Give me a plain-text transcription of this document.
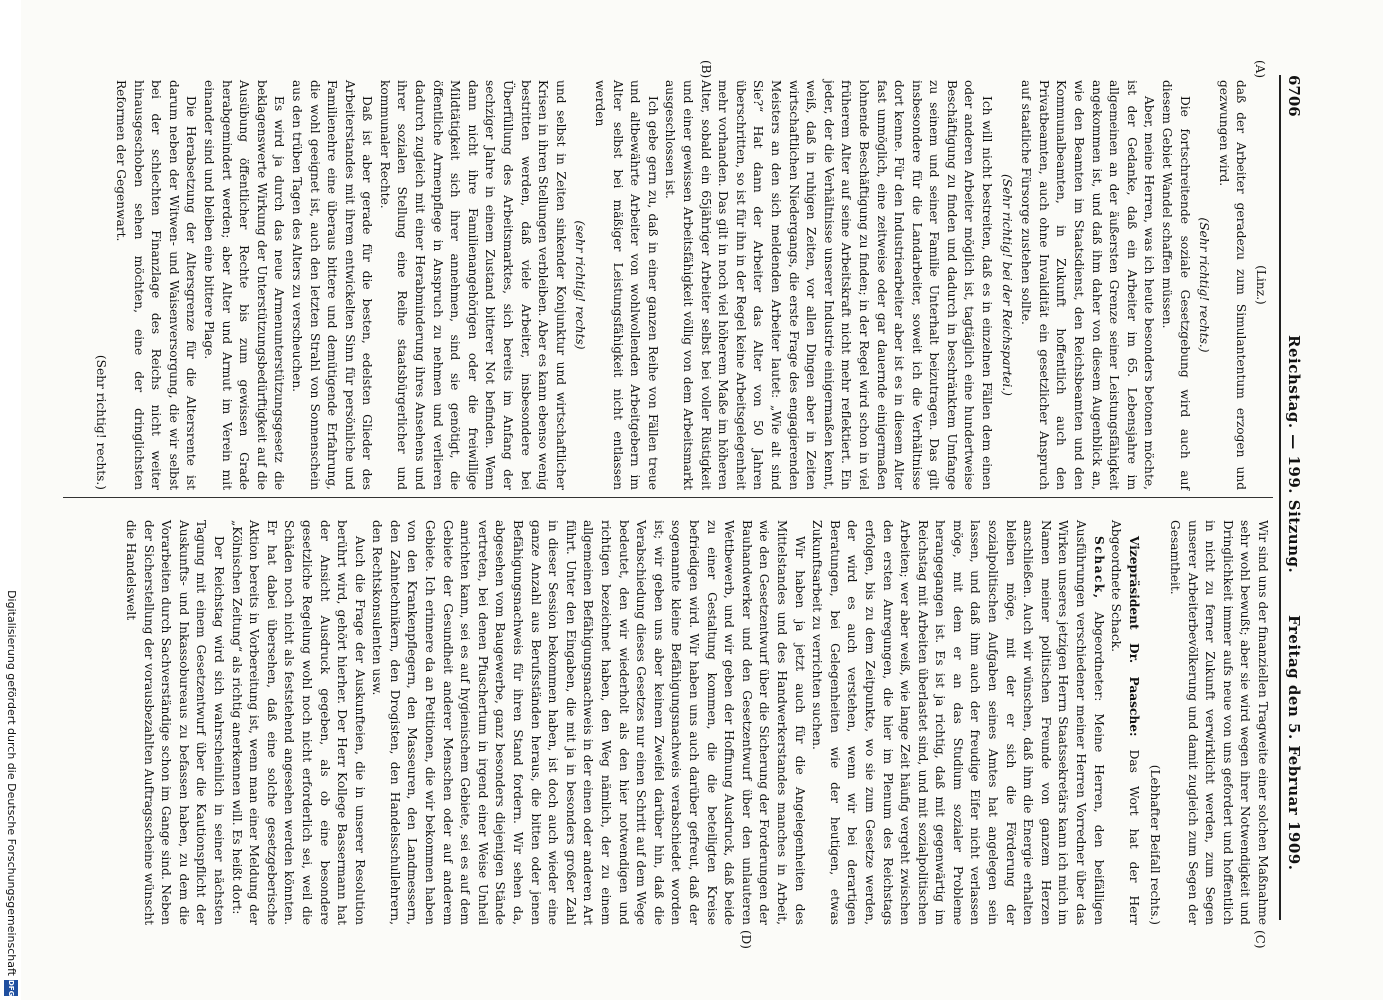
6706
Reichstag. — 199. Sitzung.
Freitag den 5. Februar 1909.
(A)
(B)
(C)
(D)

(Linz.)

daß der Arbeiter geradezu zum Simulantentum erzogen und gezwungen wird.

(Sehr richtig! rechts.)

Die fortschreitende soziale Gesetzgebung wird auch auf diesem Gebiet Wandel schaffen müssen.

Aber, meine Herren, was ich heute besonders betonen möchte, ist der Gedanke, daß ein Arbeiter im 65. Lebensjahre im allgemeinen an der äußersten Grenze seiner Leistungsfähigkeit angekommen ist, und daß ihm daher von diesem Augenblick an, wie den Beamten im Staatsdienst, den Reichsbeamten und den Kommunalbeamten, in Zukunft hoffentlich auch den Privatbeamten, auch ohne Invalidität ein gesetzlicher Anspruch auf staatliche Fürsorge zustehen sollte.

(Sehr richtig! bei der Reichspartei.)

Ich will nicht bestreiten, daß es in einzelnen Fällen dem einen oder anderen Arbeiter möglich ist, tagtäglich eine hundertweise Beschäftigung zu finden und dadurch in beschränktem Umfange zu seinem und seiner Familie Unterhalt beizutragen. Das gilt insbesondere für die Landarbeiter, soweit ich die Verhältnisse dort kenne. Für den Industriearbeiter aber ist es in diesem Alter fast unmöglich, eine zeitweise oder gar dauernde einigermaßen lohnende Beschäftigung zu finden; in der Regel wird schon in viel früherem Alter auf seine Arbeitskraft nicht mehr reflektiert. Ein jeder, der die Verhältnisse unserer Industrie einigermaßen kennt, weiß, daß in ruhigen Zeiten, vor allen Dingen aber in Zeiten wirtschaftlichen Niedergangs, die erste Frage des engagierenden Meisters an den sich meldenden Arbeiter lautet: „Wie alt sind Sie?“ Hat dann der Arbeiter das Alter von 50 Jahren überschritten, so ist für ihn in der Regel keine Arbeitsgelegenheit mehr vorhanden. Das gilt in noch viel höherem Maße im höheren Alter, sobald ein 65jähriger Arbeiter selbst bei voller Rüstigkeit und einer gewissen Arbeitsfähigkeit völlig von dem Arbeitsmarkt ausgeschlossen ist.

Ich gebe gern zu, daß in einer ganzen Reihe von Fällen treue und altbewährte Arbeiter von wohlwollenden Arbeitgebern im Alter selbst bei mäßiger Leistungsfähigkeit nicht entlassen werden

(sehr richtig! rechts)

und selbst in Zeiten sinkender Konjunktur und wirtschaftlicher Krisen in ihren Stellungen verbleiben. Aber es kann ebenso wenig bestritten werden, daß viele Arbeiter, insbesondere bei Überfüllung des Arbeitsmarktes, sich bereits im Anfang der sechziger Jahre in einem Zustand bitterer Not befinden. Wenn dann nicht ihre Familienangehörigen oder die freiwillige Mildtätigkeit sich ihrer annehmen, sind sie genötigt, die öffentliche Armenpflege in Anspruch zu nehmen und verlieren dadurch zugleich mit einer Herabminderung ihres Ansehens und ihrer sozialen Stellung eine Reihe staatsbürgerlicher und kommunaler Rechte.

Daß ist aber gerade für die besten, edelsten Glieder des Arbeiterstandes mit ihrem entwickelten Sinn für persönliche und Familienehre eine überaus bittere und demütigende Erfahrung, die wohl geeignet ist, auch den letzten Strahl von Sonnenschein aus den trüben Tagen des Alters zu verscheuchen.

Es wird ja durch das neue Armenunterstützungsgesetz die beklagenswerte Wirkung der Unterstützungsbedürftigkeit auf die Ausübung öffentlicher Rechte bis zum gewissen Grade herabgemindert werden; aber Alter und Armut im Verein mit einander sind und bleiben eine bittere Plage.

Die Herabsetzung der Altersgrenze für die Altersrente ist darum neben der Witwen- und Waisenversorgung, die wir selbst bei der schlechten Finanzlage des Reichs nicht weiter hinausgeschoben sehen möchten, eine der dringlichsten Reformen der Gegenwart.

(Sehr richtig! rechts.)

Wir sind uns der finanziellen Tragweite einer solchen Maßnahme sehr wohl bewußt; aber sie wird wegen ihrer Notwendigkeit und Dringlichkeit immer aufs neue von uns gefordert und hoffentlich in nicht zu ferner Zukunft verwirklicht werden, zum Segen unserer Arbeiterbevölkerung und damit zugleich zum Segen der Gesamtheit.

(Lebhafter Beifall rechts.)

Vizepräsident Dr. Paasche: Das Wort hat der Herr Abgeordnete Schack.

Schack, Abgeordneter: Meine Herren, den beifälligen Ausführungen verschiedener meiner Herren Vorredner über das Wirken unseres jetzigen Herrn Staatssekretärs kann ich mich im Namen meiner politischen Freunde von ganzem Herzen anschließen. Auch wir wünschen, daß ihm die Energie erhalten bleiben möge, mit der er sich die Förderung der sozialpolitischen Aufgaben seines Amtes hat angelegen sein lassen, und daß ihm auch der freudige Eifer nicht verlassen möge, mit dem er an das Studium sozialer Probleme herangegangen ist. Es ist ja richtig, daß mit gegenwärtig im Reichstag mit Arbeiten überlastet sind, und mit sozialpolitischen Arbeiten; wer aber weiß, wie lange Zeit häufig vergeht zwischen den ersten Anregungen, die hier im Plenum des Reichstags erfolgen, bis zu dem Zeitpunkte, wo sie zum Gesetze werden, der wird es auch verstehen, wenn wir bei derartigen Beratungen, bei Gelegenheiten wie der heutigen, etwas Zukunftsarbeit zu verrichten suchen.

Wir haben ja jetzt auch für die Angelegenheiten des Mittelstandes und des Handwerkerstandes manches in Arbeit, wie den Gesetzentwurf über die Sicherung der Forderungen der Bauhandwerker und den Gesetzentwurf über den unlauteren Wettbewerb, und wir geben der Hoffnung Ausdruck, daß beide zu einer Gestaltung kommen, die die beteiligten Kreise befriedigen wird. Wir haben uns auch darüber gefreut, daß der sogenannte kleine Befähigungsnachweis verabschiedet worden ist; wir geben uns aber keinem Zweifel darüber hin, daß die Verabschiedung dieses Gesetzes nur einen Schritt auf dem Wege bedeutet, den wir wiederholt als den hier notwendigen und richtigen bezeichnet haben, den Weg nämlich, der zu einem allgemeinen Befähigungsnachweis in der einen oder anderen Art führt. Unter den Eingaben, die mit ja in besonders großer Zahl in dieser Session bekommen haben, ist doch auch wieder eine ganze Anzahl aus Berufsständen heraus, die bitten oder jenen Befähigungsnachweis für ihren Stand fordern. Wir sehen da, abgesehen vom Baugewerbe, ganz besonders diejenigen Stände vertreten, bei denen Pfuschertum in irgend einer Weise Unheil anrichten kann, sei es auf hygienischem Gebiete, sei es auf dem Gebiete der Gesundheit anderer Menschen oder auf anderem Gebiete. Ich erinnere da an Petitionen, die wir bekommen haben von den Krankenpflegern, den Masseuren, den Landmessern, den Zahntechnikern, den Drogisten, den Handelsschullehrern, den Rechtskonsulenten usw.

Auch die Frage der Auskunfteien, die in unserer Resolution berührt wird, gehört hierher. Der Herr Kollege Bassermann hat der Ansicht Ausdruck gegeben, als ob eine besondere gesetzliche Regelung wohl noch nicht erforderlich sei, weil die Schäden noch nicht als feststehend angesehen werden könnten. Er hat dabei übersehen, daß eine solche gesetzgeberische Aktion bereits in Vorbereitung ist, wenn man einer Meldung der „Kölnischen Zeitung“ als richtig anerkennen will. Es heißt dort:

Der Reichstag wird sich wahrscheinlich in seiner nächsten Tagung mit einem Gesetzentwurf über die Kautionspflicht der Auskunfts- und Inkassobureaus zu befassen haben, zu dem die Vorarbeiten durch Sachverständige schon im Gange sind. Neben der Sicherstellung der vorausbezahlten Auftragsscheine wünscht die Handelswelt

Digitalisierung gefördert durch die Deutsche Forschungsgemeinschaft
DFG
